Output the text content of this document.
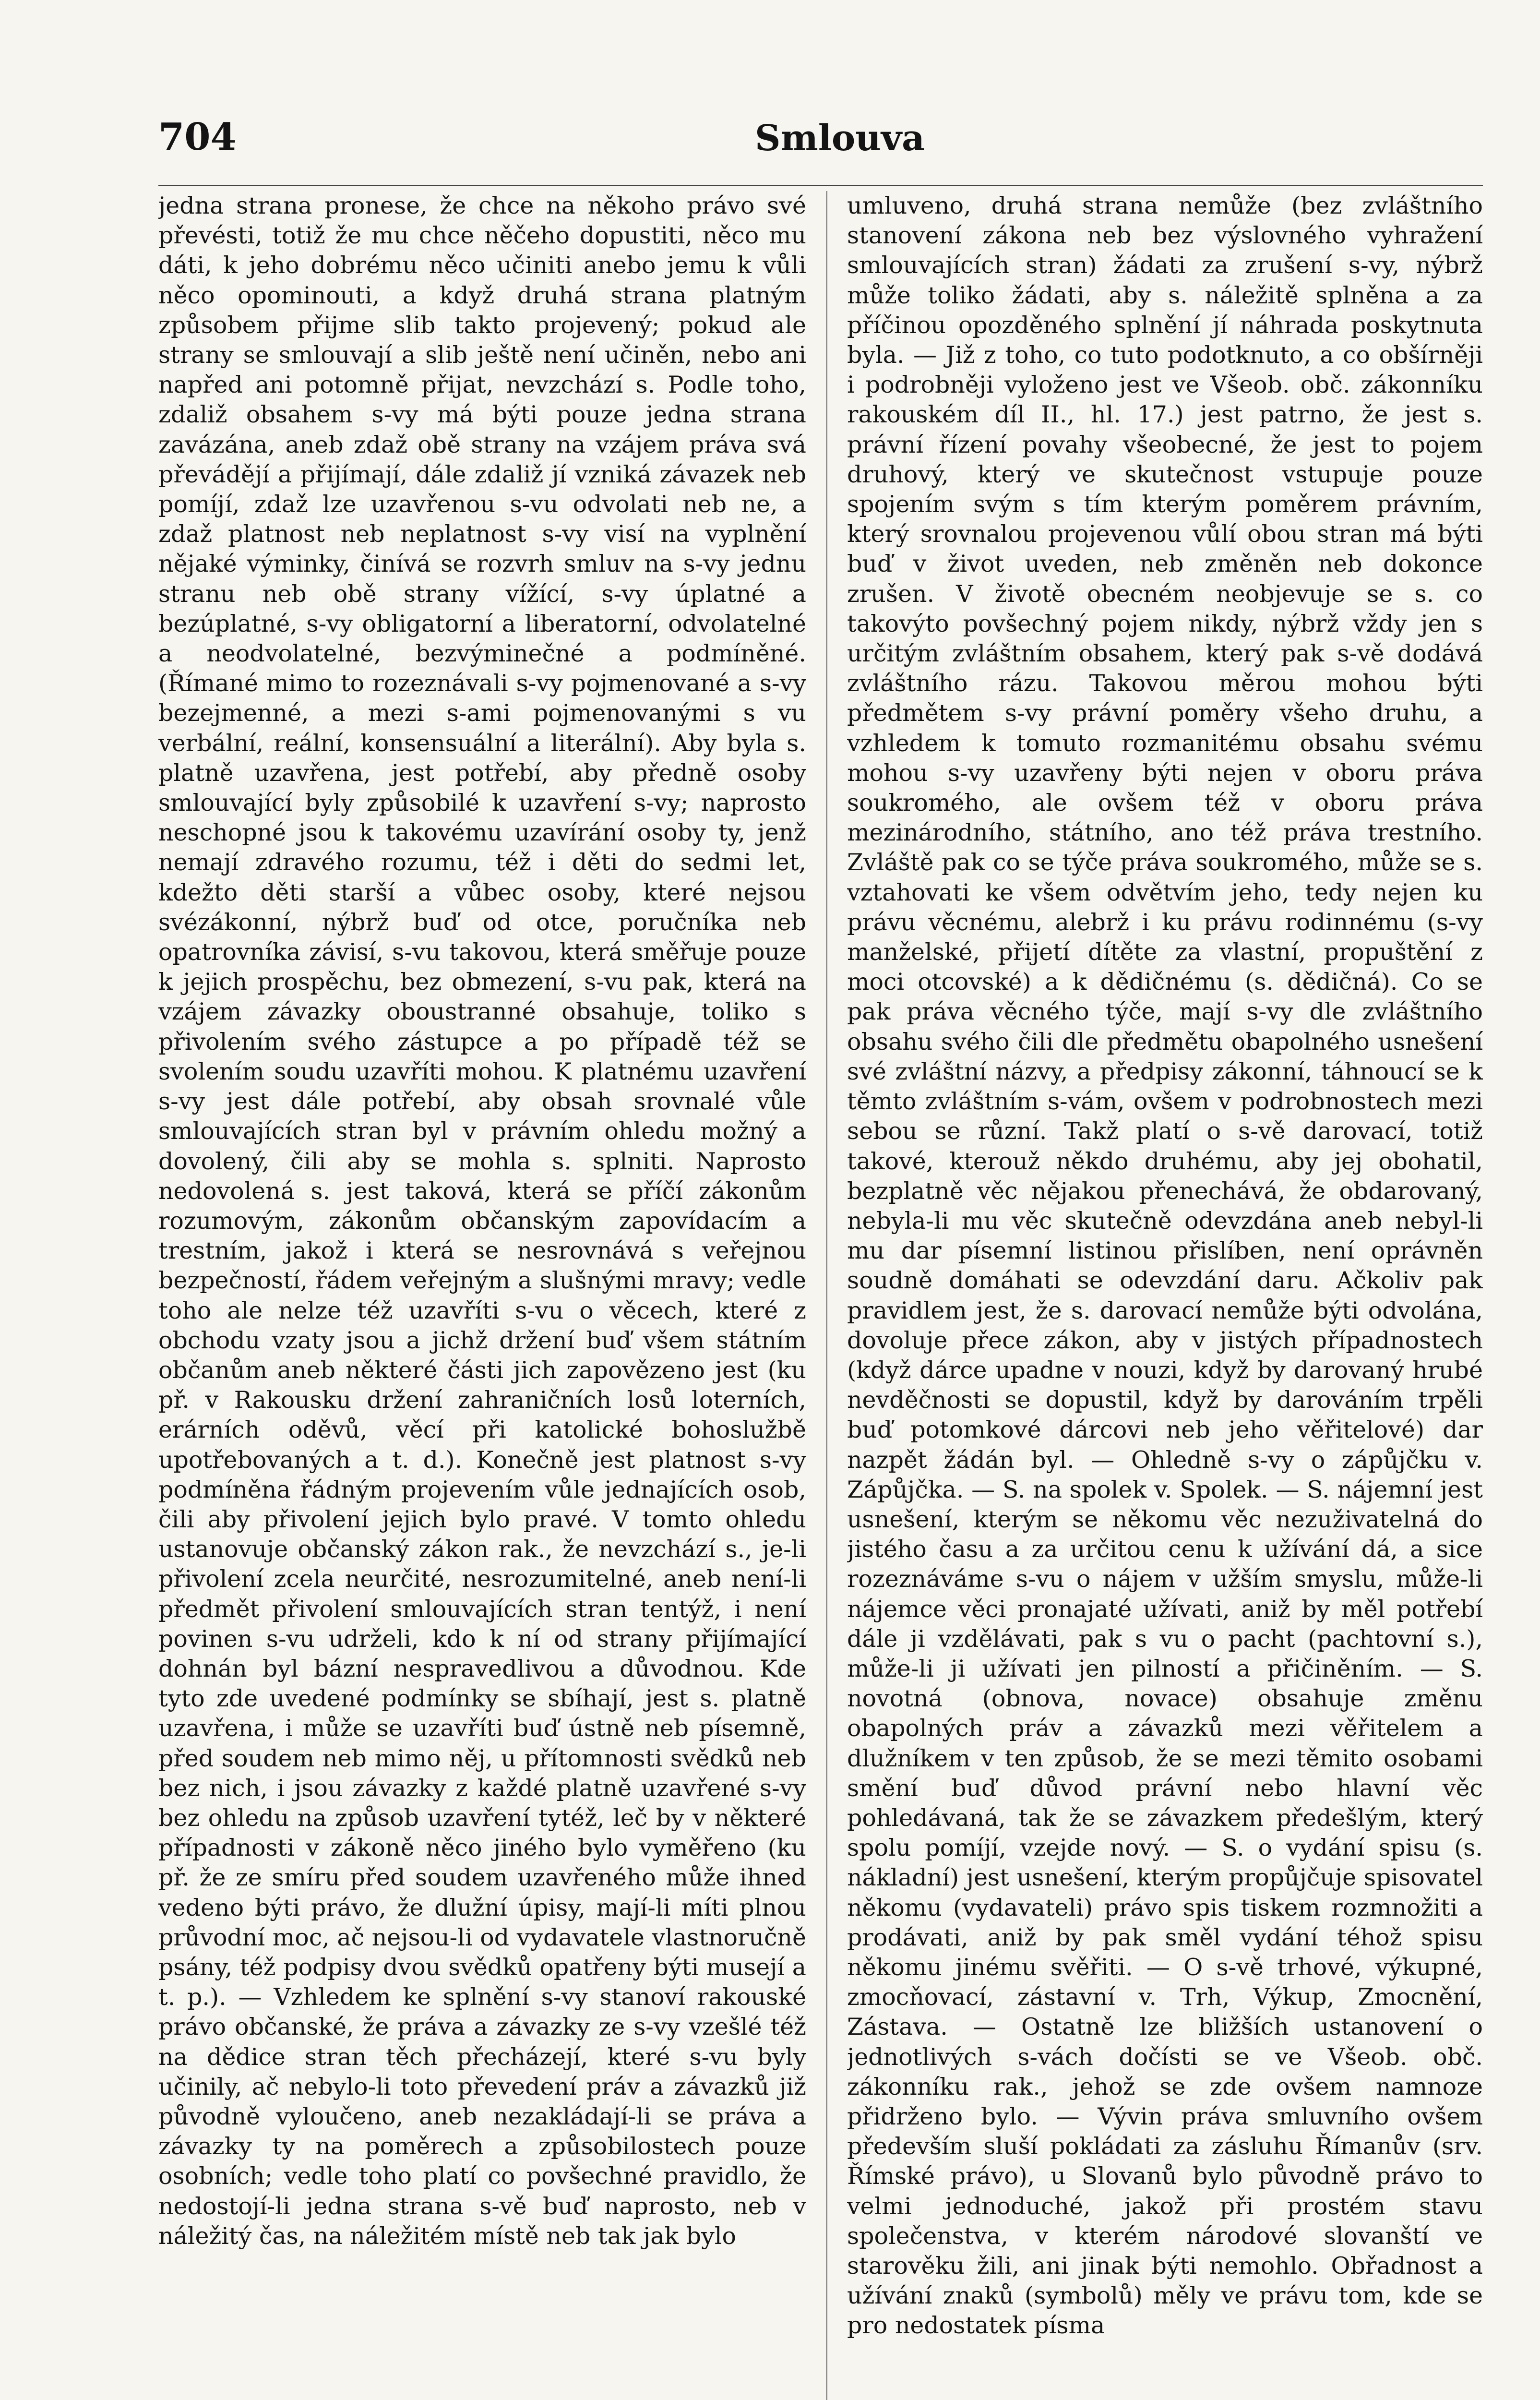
704	Smlouva

jedna strana pronese, že chce na někoho právo své převésti, totiž že mu chce něčeho dopustiti, něco mu dáti, k jeho dobrému něco učiniti anebo jemu k vůli něco opominouti, a když druhá strana platným způsobem přijme slib takto projevený; pokud ale strany se smlouvají a slib ještě není učiněn, nebo ani napřed ani potomně přijat, nevzchází s. Podle toho, zdaliž obsahem s-vy má býti pouze jedna strana zavázána, aneb zdaž obě strany na vzájem práva svá převádějí a přijímají, dále zdaliž jí vzniká závazek neb pomíjí, zdaž lze uzavřenou s-vu odvolati neb ne, a zdaž platnost neb neplatnost s-vy visí na vyplnění nějaké výminky, činívá se rozvrh smluv na s-vy jednu stranu neb obě strany vížící, s-vy úplatné a bezúplatné, s-vy obligatorní a liberatorní, odvolatelné a neodvolatelné, bezvýminečné a podmíněné. (Římané mimo to rozeznávali s-vy pojmenované a s-vy bezejmenné, a mezi s-ami pojmenovanými s vu verbální, reální, konsensuální a literální). Aby byla s. platně uzavřena, jest potřebí, aby předně osoby smlouvající byly způsobilé k uzavření s-vy; naprosto neschopné jsou k takovému uzavírání osoby ty, jenž nemají zdravého rozumu, též i děti do sedmi let, kdežto děti starší a vůbec osoby, které nejsou svézákonní, nýbrž buď od otce, poručníka neb opatrovníka závisí, s-vu takovou, která směřuje pouze k jejich prospěchu, bez obmezení, s-vu pak, která na vzájem závazky oboustranné obsahuje, toliko s přivolením svého zástupce a po případě též se svolením soudu uzavříti mohou. K platnému uzavření s-vy jest dále potřebí, aby obsah srovnalé vůle smlouvajících stran byl v právním ohledu možný a dovolený, čili aby se mohla s. splniti. Naprosto nedovolená s. jest taková, která se příčí zákonům rozumovým, zákonům občanským zapovídacím a trestním, jakož i která se nesrovnává s veřejnou bezpečností, řádem veřejným a slušnými mravy; vedle toho ale nelze též uzavříti s-vu o věcech, které z obchodu vzaty jsou a jichž držení buď všem státním občanům aneb některé části jich zapovězeno jest (ku př. v Rakousku držení zahraničních losů loterních, erárních oděvů, věcí při katolické bohoslužbě upotřebovaných a t. d.). Konečně jest platnost s-vy podmíněna řádným projevením vůle jednajících osob, čili aby přivolení jejich bylo pravé. V tomto ohledu ustanovuje občanský zákon rak., že nevzchází s., je-li přivolení zcela neurčité, nesrozumitelné, aneb není-li předmět přivolení smlouvajících stran tentýž, i není povinen s-vu udrželi, kdo k ní od strany přijímající dohnán byl bázní nespravedlivou a důvodnou. Kde tyto zde uvedené podmínky se sbíhají, jest s. platně uzavřena, i může se uzavříti buď ústně neb písemně, před soudem neb mimo něj, u přítomnosti svědků neb bez nich, i jsou závazky z každé platně uzavřené s-vy bez ohledu na způsob uzavření tytéž, leč by v některé případnosti v zákoně něco jiného bylo vyměřeno (ku př. že ze smíru před soudem uzavřeného může ihned vedeno býti právo, že dlužní úpisy, mají-li míti plnou průvodní moc, ač nejsou-li od vydavatele vlastnoručně psány, též podpisy dvou svědků opatřeny býti musejí a t. p.). — Vzhledem ke splnění s-vy stanoví rakouské právo občanské, že práva a závazky ze s-vy vzešlé též na dědice stran těch přecházejí, které s-vu byly učinily, ač nebylo-li toto převedení práv a závazků již původně vyloučeno, aneb nezakládají-li se práva a závazky ty na poměrech a způsobilostech pouze osobních; vedle toho platí co povšechné pravidlo, že nedostojí-li jedna strana s-vě buď naprosto, neb v náležitý čas, na náležitém místě neb tak jak bylo

umluveno, druhá strana nemůže (bez zvláštního stanovení zákona neb bez výslovného vyhražení smlouvajících stran) žádati za zrušení s-vy, nýbrž může toliko žádati, aby s. náležitě splněna a za příčinou opozděného splnění jí náhrada poskytnuta byla. — Již z toho, co tuto podotknuto, a co obšírněji i podrobněji vyloženo jest ve Všeob. obč. zákonníku rakouském díl II., hl. 17.) jest patrno, že jest s. právní řízení povahy všeobecné, že jest to pojem druhový, který ve skutečnost vstupuje pouze spojením svým s tím kterým poměrem právním, který srovnalou projevenou vůlí obou stran má býti buď v život uveden, neb změněn neb dokonce zrušen. V životě obecném neobjevuje se s. co takovýto povšechný pojem nikdy, nýbrž vždy jen s určitým zvláštním obsahem, který pak s-vě dodává zvláštního rázu. Takovou měrou mohou býti předmětem s-vy právní poměry všeho druhu, a vzhledem k tomuto rozmanitému obsahu svému mohou s-vy uzavřeny býti nejen v oboru práva soukromého, ale ovšem též v oboru práva mezinárodního, státního, ano též práva trestního. Zvláště pak co se týče práva soukromého, může se s. vztahovati ke všem odvětvím jeho, tedy nejen ku právu věcnému, alebrž i ku právu rodinnému (s-vy manželské, přijetí dítěte za vlastní, propuštění z moci otcovské) a k dědičnému (s. dědičná). Co se pak práva věcného týče, mají s-vy dle zvláštního obsahu svého čili dle předmětu obapolného usnešení své zvláštní názvy, a předpisy zákonní, táhnoucí se k těmto zvláštním s-vám, ovšem v podrobnostech mezi sebou se různí. Takž platí o s-vě darovací, totiž takové, kterouž někdo druhému, aby jej obohatil, bezplatně věc nějakou přenechává, že obdarovaný, nebyla-li mu věc skutečně odevzdána aneb nebyl-li mu dar písemní listinou přislíben, není oprávněn soudně domáhati se odevzdání daru. Ačkoliv pak pravidlem jest, že s. darovací nemůže býti odvolána, dovoluje přece zákon, aby v jistých případnostech (když dárce upadne v nouzi, když by darovaný hrubé nevděčnosti se dopustil, když by darováním trpěli buď potomkové dárcovi neb jeho věřitelové) dar nazpět žádán byl. — Ohledně s-vy o zápůjčku v. Zápůjčka. — S. na spolek v. Spolek. — S. nájemní jest usnešení, kterým se někomu věc nezuživatelná do jistého času a za určitou cenu k užívání dá, a sice rozeznáváme s-vu o nájem v užším smyslu, může-li nájemce věci pronajaté užívati, aniž by měl potřebí dále ji vzdělávati, pak s vu o pacht (pachtovní s.), může-li ji užívati jen pilností a přičiněním. — S. novotná (obnova, novace) obsahuje změnu obapolných práv a závazků mezi věřitelem a dlužníkem v ten způsob, že se mezi těmito osobami smění buď důvod právní nebo hlavní věc pohledávaná, tak že se závazkem předešlým, který spolu pomíjí, vzejde nový. — S. o vydání spisu (s. nákladní) jest usnešení, kterým propůjčuje spisovatel někomu (vydavateli) právo spis tiskem rozmnožiti a prodávati, aniž by pak směl vydání téhož spisu někomu jinému svěřiti. — O s-vě trhové, výkupné, zmocňovací, zástavní v. Trh, Výkup, Zmocnění, Zástava. — Ostatně lze bližších ustanovení o jednotlivých s-vách dočísti se ve Všeob. obč. zákonníku rak., jehož se zde ovšem namnoze přidrženo bylo. — Vývin práva smluvního ovšem především sluší pokládati za zásluhu Římanův (srv. Římské právo), u Slovanů bylo původně právo to velmi jednoduché, jakož při prostém stavu společenstva, v kterém národové slovanští ve starověku žili, ani jinak býti nemohlo. Obřadnost a užívání znaků (symbolů) měly ve právu tom, kde se pro nedostatek písma
